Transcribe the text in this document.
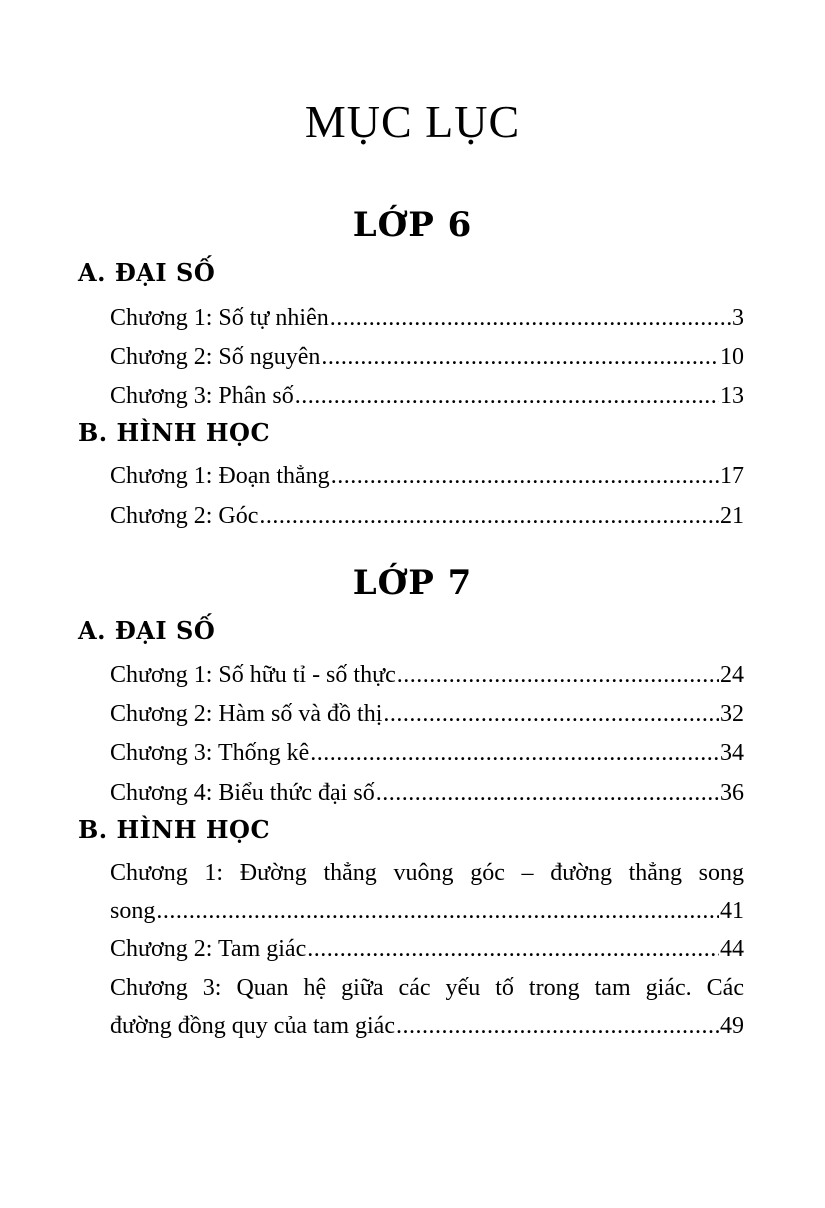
MỤC LỤC
LỚP 6
A. ĐẠI SỐ
Chương 1: Số tự nhiên .....	3
Chương 2: Số nguyên .....	10
Chương 3: Phân số .....	13
B. HÌNH HỌC
Chương 1: Đoạn thẳng .....	17
Chương 2: Góc .....	21
LỚP 7
A. ĐẠI SỐ
Chương 1: Số hữu tỉ - số thực .....	24
Chương 2: Hàm số và đồ thị .....	32
Chương 3: Thống kê .....	34
Chương 4: Biểu thức đại số .....	36
B. HÌNH HỌC
Chương 1: Đường thẳng vuông góc – đường thẳng song
song .....	41
Chương 2: Tam giác .....	44
Chương 3: Quan hệ giữa các yếu tố trong tam giác. Các
đường đồng quy của tam giác .....	49
